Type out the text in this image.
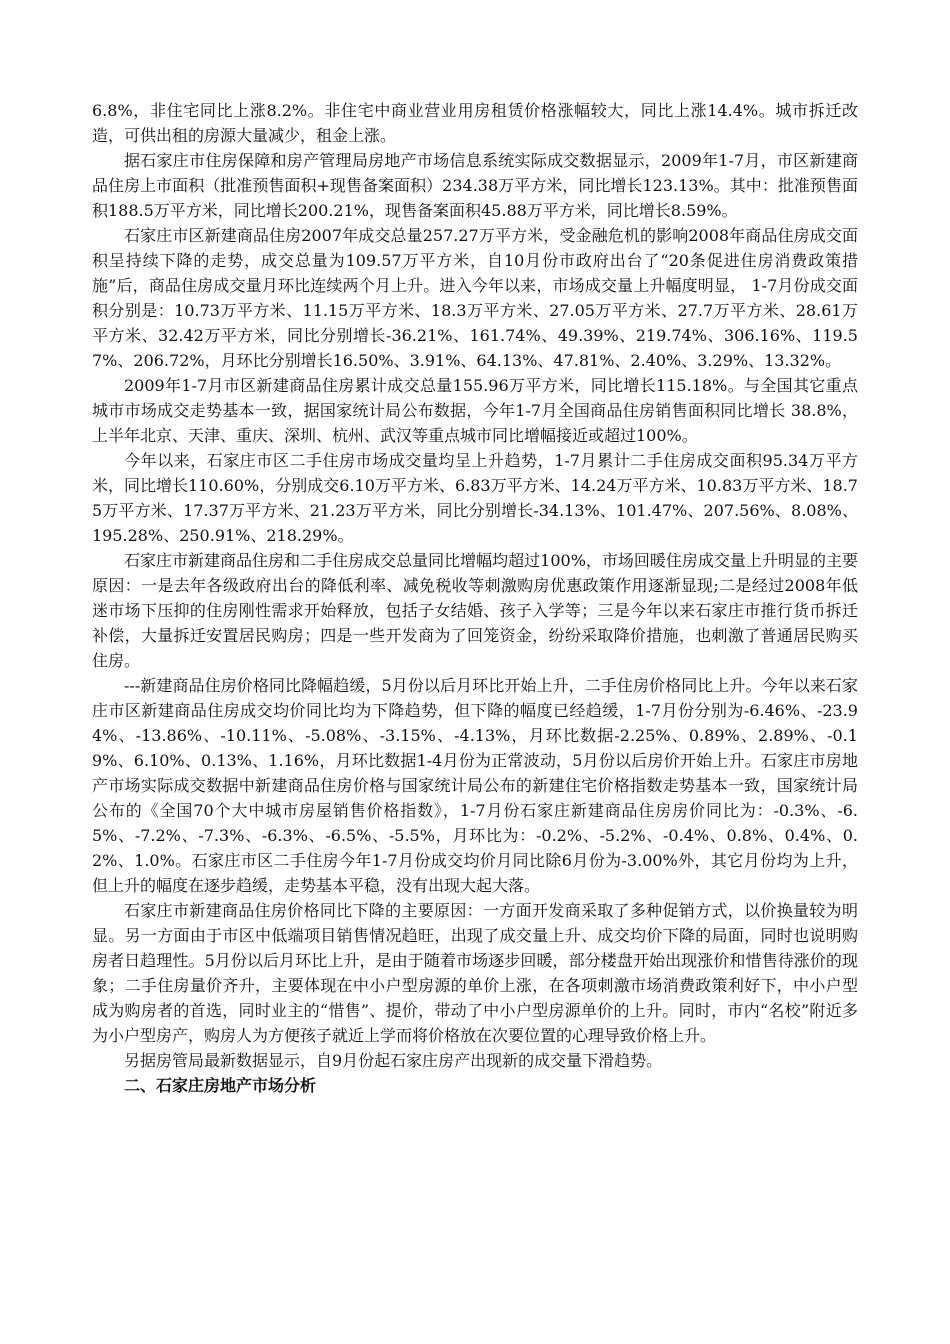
6.8%，非住宅同比上涨8.2%。非住宅中商业营业用房租赁价格涨幅较大，同比上涨14.4%。城市拆迁改造，可供出租的房源大量减少，租金上涨。

据石家庄市住房保障和房产管理局房地产市场信息系统实际成交数据显示，2009年1-7月，市区新建商品住房上市面积（批准预售面积+现售备案面积）234.38万平方米，同比增长123.13%。其中：批准预售面积188.5万平方米，同比增长200.21%，现售备案面积45.88万平方米，同比增长8.59%。

石家庄市区新建商品住房2007年成交总量257.27万平方米，受金融危机的影响2008年商品住房成交面积呈持续下降的走势，成交总量为109.57万平方米，自10月份市政府出台了“20条促进住房消费政策措施”后，商品住房成交量月环比连续两个月上升。进入今年以来，市场成交量上升幅度明显， 1-7月份成交面积分别是：10.73万平方米、11.15万平方米、18.3万平方米、27.05万平方米、27.7万平方米、28.61万平方米、32.42万平方米，同比分别增长-36.21%、161.74%、49.39%、219.74%、306.16%、119.57%、206.72%，月环比分别增长16.50%、3.91%、64.13%、47.81%、2.40%、3.29%、13.32%。

2009年1-7月市区新建商品住房累计成交总量155.96万平方米，同比增长115.18%。与全国其它重点城市市场成交走势基本一致，据国家统计局公布数据，今年1-7月全国商品住房销售面积同比增长 38.8%，上半年北京、天津、重庆、深圳、杭州、武汉等重点城市同比增幅接近或超过100%。

今年以来，石家庄市区二手住房市场成交量均呈上升趋势，1-7月累计二手住房成交面积95.34万平方米，同比增长110.60%，分别成交6.10万平方米、6.83万平方米、14.24万平方米、10.83万平方米、18.75万平方米、17.37万平方米、21.23万平方米，同比分别增长-34.13%、101.47%、207.56%、8.08%、195.28%、250.91%、218.29%。

石家庄市新建商品住房和二手住房成交总量同比增幅均超过100%，市场回暖住房成交量上升明显的主要原因：一是去年各级政府出台的降低利率、减免税收等刺激购房优惠政策作用逐渐显现;二是经过2008年低迷市场下压抑的住房刚性需求开始释放，包括子女结婚、孩子入学等；三是今年以来石家庄市推行货币拆迁补偿，大量拆迁安置居民购房；四是一些开发商为了回笼资金，纷纷采取降价措施，也刺激了普通居民购买住房。

---新建商品住房价格同比降幅趋缓，5月份以后月环比开始上升，二手住房价格同比上升。今年以来石家庄市区新建商品住房成交均价同比均为下降趋势，但下降的幅度已经趋缓，1-7月份分别为-6.46%、-23.94%、-13.86%、-10.11%、-5.08%、-3.15%、-4.13%，月环比数据-2.25%、0.89%、2.89%、-0.19%、6.10%、0.13%、1.16%，月环比数据1-4月份为正常波动，5月份以后房价开始上升。石家庄市房地产市场实际成交数据中新建商品住房价格与国家统计局公布的新建住宅价格指数走势基本一致，国家统计局公布的《全国70个大中城市房屋销售价格指数》，1-7月份石家庄新建商品住房房价同比为：-0.3%、-6.5%、-7.2%、-7.3%、-6.3%、-6.5%、-5.5%，月环比为：-0.2%、-5.2%、-0.4%、0.8%、0.4%、0.2%、1.0%。石家庄市区二手住房今年1-7月份成交均价月同比除6月份为-3.00%外，其它月份均为上升，但上升的幅度在逐步趋缓，走势基本平稳，没有出现大起大落。

石家庄市新建商品住房价格同比下降的主要原因：一方面开发商采取了多种促销方式，以价换量较为明显。另一方面由于市区中低端项目销售情况趋旺，出现了成交量上升、成交均价下降的局面，同时也说明购房者日趋理性。5月份以后月环比上升，是由于随着市场逐步回暖，部分楼盘开始出现涨价和惜售待涨价的现象；二手住房量价齐升，主要体现在中小户型房源的单价上涨，在各项刺激市场消费政策利好下，中小户型成为购房者的首选，同时业主的“惜售”、提价，带动了中小户型房源单价的上升。同时，市内“名校”附近多为小户型房产，购房人为方便孩子就近上学而将价格放在次要位置的心理导致价格上升。

另据房管局最新数据显示，自9月份起石家庄房产出现新的成交量下滑趋势。

二、石家庄房地产市场分析
